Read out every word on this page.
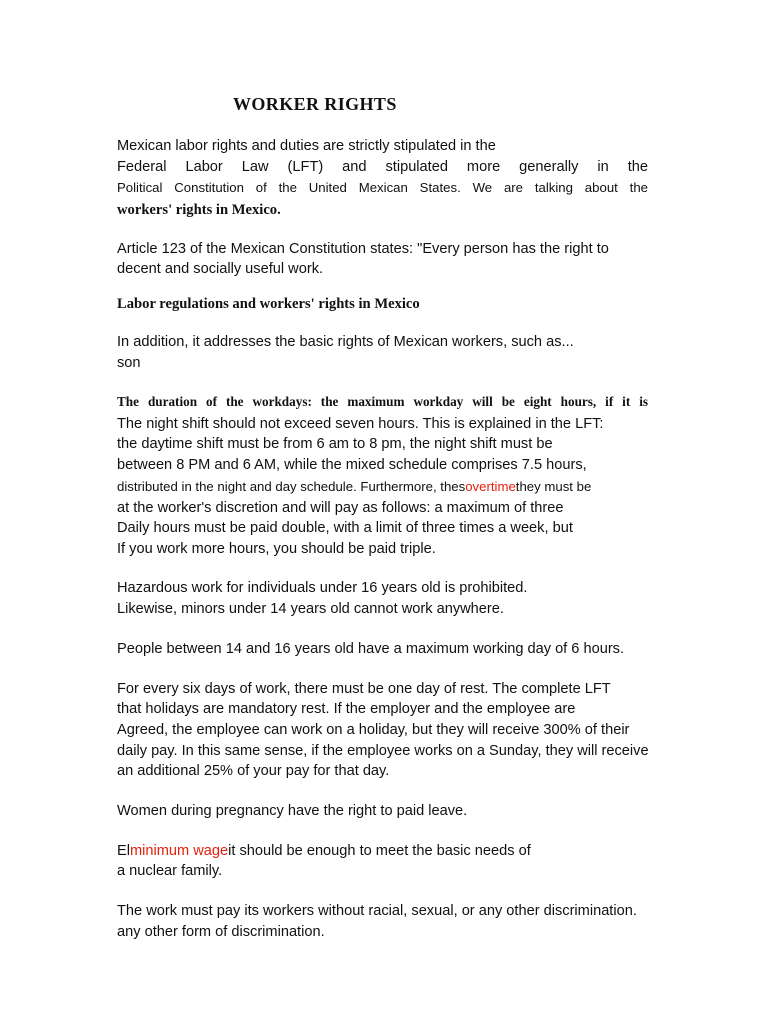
WORKER RIGHTS
Mexican labor rights and duties are strictly stipulated in the
Federal Labor Law (LFT) and stipulated more generally in the
Political Constitution of the United Mexican States. We are talking about the
workers' rights in Mexico.
Article 123 of the Mexican Constitution states: "Every person has the right to
decent and socially useful work.
Labor regulations and workers' rights in Mexico
In addition, it addresses the basic rights of Mexican workers, such as...
son
The duration of the workdays: the maximum workday will be eight hours, if it is
The night shift should not exceed seven hours. This is explained in the LFT:
the daytime shift must be from 6 am to 8 pm, the night shift must be
between 8 PM and 6 AM, while the mixed schedule comprises 7.5 hours,
distributed in the night and day schedule. Furthermore, thesovertimethey must be
at the worker's discretion and will pay as follows: a maximum of three
Daily hours must be paid double, with a limit of three times a week, but
If you work more hours, you should be paid triple.
Hazardous work for individuals under 16 years old is prohibited.
Likewise, minors under 14 years old cannot work anywhere.
People between 14 and 16 years old have a maximum working day of 6 hours.
For every six days of work, there must be one day of rest. The complete LFT
that holidays are mandatory rest. If the employer and the employee are
Agreed, the employee can work on a holiday, but they will receive 300% of their
daily pay. In this same sense, if the employee works on a Sunday, they will receive
an additional 25% of your pay for that day.
Women during pregnancy have the right to paid leave.
Elminimum wageit should be enough to meet the basic needs of
a nuclear family.
The work must pay its workers without racial, sexual, or any other discrimination.
any other form of discrimination.
